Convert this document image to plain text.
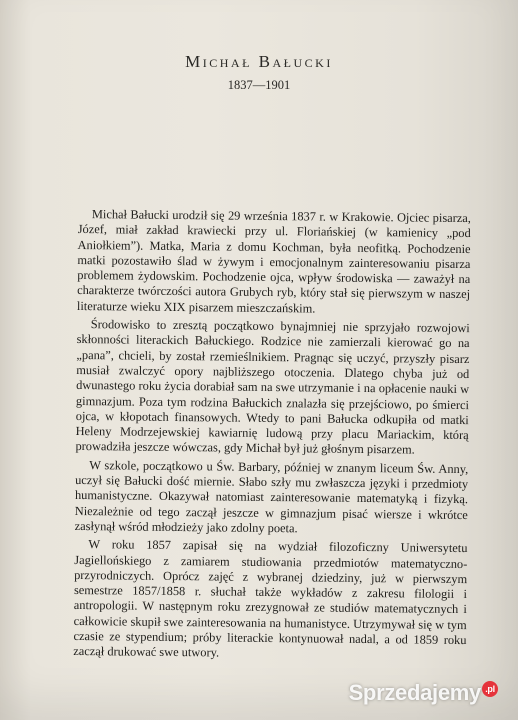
Michał Bałucki
1837—1901

Michał Bałucki urodził się 29 września 1837 r. w Krakowie. Ojciec pisarza, Józef, miał zakład krawiecki przy ul. Floriańskiej (w kamienicy „pod Aniołkiem”). Matka, Maria z domu Kochman, była neofitką. Pochodzenie matki pozostawiło ślad w żywym i emocjonalnym zainteresowaniu pisarza problemem żydowskim. Pochodzenie ojca, wpływ środowiska — zaważył na charakterze twórczości autora Grubych ryb, który stał się pierwszym w naszej literaturze wieku XIX pisarzem mieszczańskim.

Środowisko to zresztą początkowo bynajmniej nie sprzyjało rozwojowi skłonności literackich Bałuckiego. Rodzice nie zamierzali kierować go na „pana”, chcieli, by został rzemieślnikiem. Pragnąc się uczyć, przyszły pisarz musiał zwalczyć opory najbliższego otoczenia. Dlatego chyba już od dwunastego roku życia dorabiał sam na swe utrzymanie i na opłacenie nauki w gimnazjum. Poza tym rodzina Bałuckich znalazła się przejściowo, po śmierci ojca, w kłopotach finansowych. Wtedy to pani Bałucka odkupiła od matki Heleny Modrzejewskiej kawiarnię ludową przy placu Mariackim, którą prowadziła jeszcze wówczas, gdy Michał był już głośnym pisarzem.

W szkole, początkowo u Św. Barbary, później w znanym liceum Św. Anny, uczył się Bałucki dość miernie. Słabo szły mu zwłaszcza języki i przedmioty humanistyczne. Okazywał natomiast zainteresowanie matematyką i fizyką. Niezależnie od tego zaczął jeszcze w gimnazjum pisać wiersze i wkrótce zasłynął wśród młodzieży jako zdolny poeta.

W roku 1857 zapisał się na wydział filozoficzny Uniwersytetu Jagiellońskiego z zamiarem studiowania przedmiotów matematyczno-przyrodniczych. Oprócz zajęć z wybranej dziedziny, już w pierwszym semestrze 1857/1858 r. słuchał także wykładów z zakresu filologii i antropologii. W następnym roku zrezygnował ze studiów matematycznych i całkowicie skupił swe zainteresowania na humanistyce. Utrzymywał się w tym czasie ze stypendium; próby literackie kontynuował nadal, a od 1859 roku zaczął drukować swe utwory.

Sprzedajemy .pl
